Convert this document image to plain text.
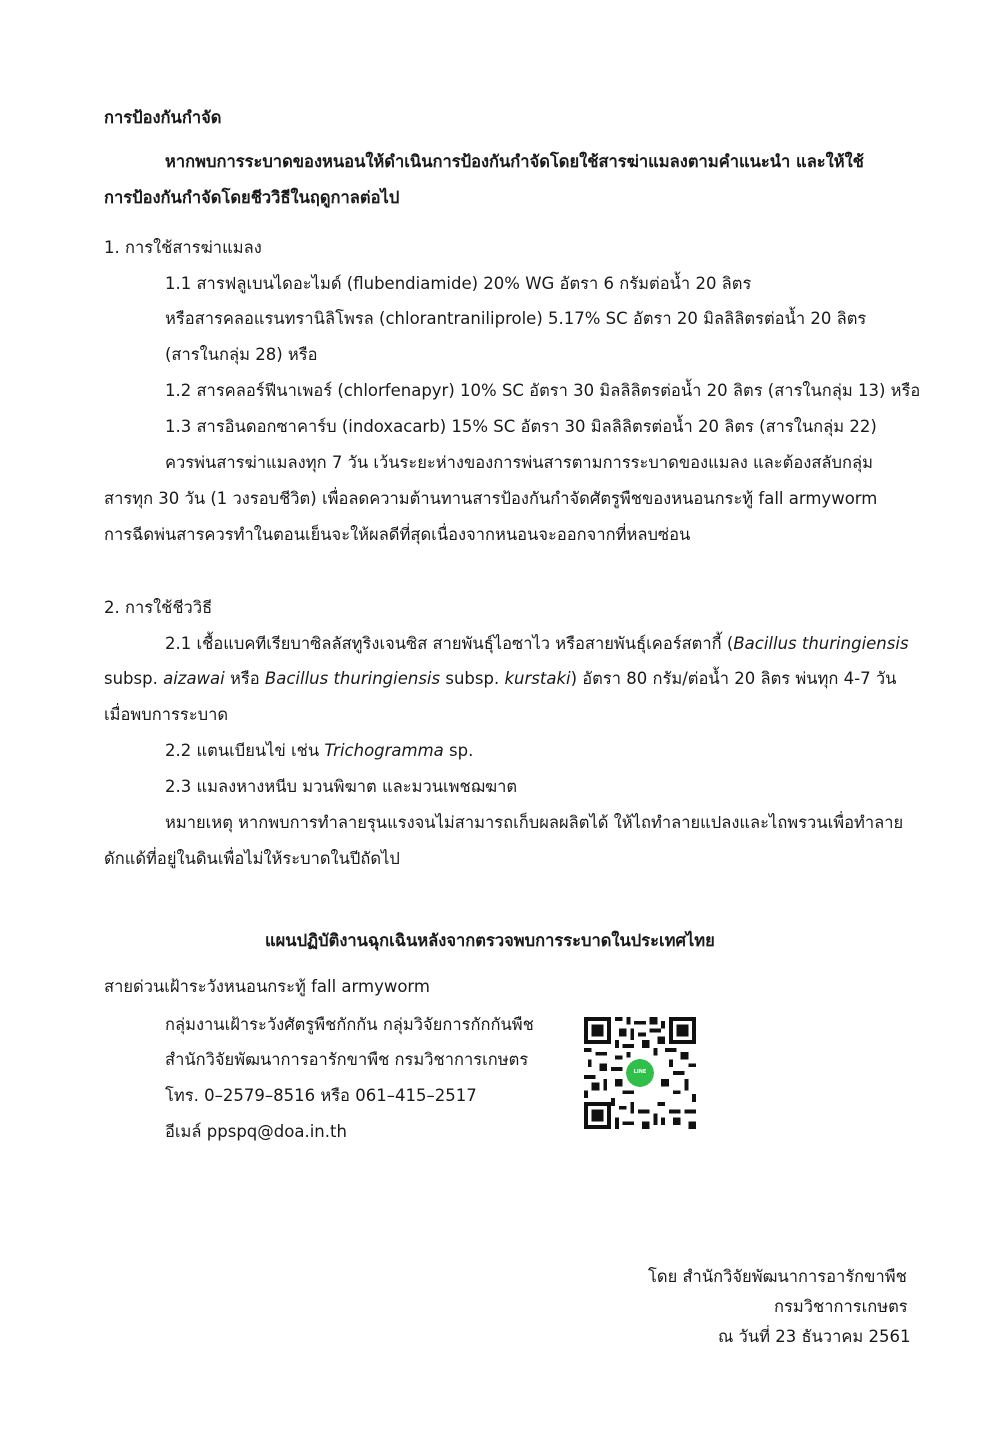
การป้องกันกำจัด
หากพบการระบาดของหนอนให้ดำเนินการป้องกันกำจัดโดยใช้สารฆ่าแมลงตามคำแนะนำ และให้ใช้
การป้องกันกำจัดโดยชีววิธีในฤดูกาลต่อไป
1. การใช้สารฆ่าแมลง
1.1 สารฟลูเบนไดอะไมด์ (flubendiamide) 20% WG อัตรา 6 กรัมต่อน้ำ 20 ลิตร
หรือสารคลอแรนทรานิลิโพรล (chlorantraniliprole) 5.17% SC อัตรา 20 มิลลิลิตรต่อน้ำ 20 ลิตร
(สารในกลุ่ม 28) หรือ
1.2 สารคลอร์ฟีนาเพอร์ (chlorfenapyr) 10% SC อัตรา 30 มิลลิลิตรต่อน้ำ 20 ลิตร (สารในกลุ่ม 13) หรือ
1.3 สารอินดอกซาคาร์บ (indoxacarb) 15% SC อัตรา 30 มิลลิลิตรต่อน้ำ 20 ลิตร (สารในกลุ่ม 22)
ควรพ่นสารฆ่าแมลงทุก 7 วัน เว้นระยะห่างของการพ่นสารตามการระบาดของแมลง และต้องสลับกลุ่ม
สารทุก 30 วัน (1 วงรอบชีวิต) เพื่อลดความต้านทานสารป้องกันกำจัดศัตรูพืชของหนอนกระทู้ fall armyworm
การฉีดพ่นสารควรทำในตอนเย็นจะให้ผลดีที่สุดเนื่องจากหนอนจะออกจากที่หลบซ่อน
2. การใช้ชีววิธี
2.1 เชื้อแบคทีเรียบาซิลลัสทูริงเจนซิส สายพันธุ์ไอซาไว หรือสายพันธุ์เคอร์สตากี้ (Bacillus thuringiensis
subsp. aizawai หรือ Bacillus thuringiensis subsp. kurstaki) อัตรา 80 กรัม/ต่อน้ำ 20 ลิตร พ่นทุก 4-7 วัน
เมื่อพบการระบาด
2.2 แตนเบียนไข่ เช่น Trichogramma sp.
2.3 แมลงหางหนีบ มวนพิฆาต และมวนเพชฌฆาต
หมายเหตุ หากพบการทำลายรุนแรงจนไม่สามารถเก็บผลผลิตได้ ให้ไถทำลายแปลงและไถพรวนเพื่อทำลาย
ดักแด้ที่อยู่ในดินเพื่อไม่ให้ระบาดในปีถัดไป
แผนปฏิบัติงานฉุกเฉินหลังจากตรวจพบการระบาดในประเทศไทย
สายด่วนเฝ้าระวังหนอนกระทู้ fall armyworm
กลุ่มงานเฝ้าระวังศัตรูพืชกักกัน กลุ่มวิจัยการกักกันพืช
สำนักวิจัยพัฒนาการอารักขาพืช กรมวิชาการเกษตร
โทร. 0–2579–8516 หรือ 061–415–2517
อีเมล์ ppspq@doa.in.th
LINE
โดย สำนักวิจัยพัฒนาการอารักขาพืช
กรมวิชาการเกษตร
ณ วันที่ 23 ธันวาคม 2561
